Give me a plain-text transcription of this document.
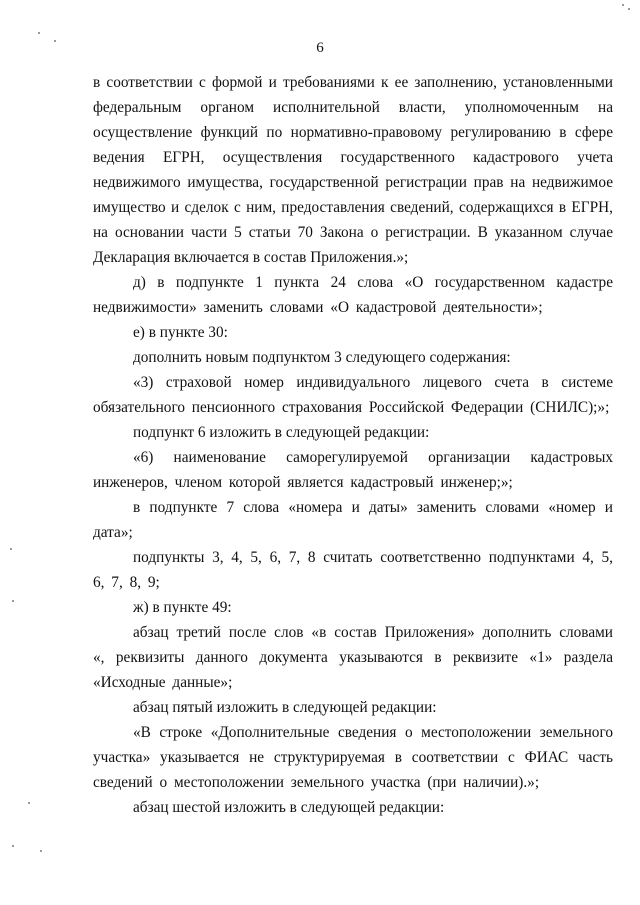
6

в соответствии с формой и требованиями к ее заполнению, установленными федеральным органом исполнительной власти, уполномоченным на осуществление функций по нормативно-правовому регулированию в сфере ведения ЕГРН, осуществления государственного кадастрового учета недвижимого имущества, государственной регистрации прав на недвижимое имущество и сделок с ним, предоставления сведений, содержащихся в ЕГРН, на основании части 5 статьи 70 Закона о регистрации. В указанном случае Декларация включается в состав Приложения.»;

д) в подпункте 1 пункта 24 слова «О государственном кадастре недвижимости» заменить словами «О кадастровой деятельности»;

е) в пункте 30:

дополнить новым подпунктом 3 следующего содержания:

«3) страховой номер индивидуального лицевого счета в системе обязательного пенсионного страхования Российской Федерации (СНИЛС);»;

подпункт 6 изложить в следующей редакции:

«6) наименование саморегулируемой организации кадастровых инженеров, членом которой является кадастровый инженер;»;

в подпункте 7 слова «номера и даты» заменить словами «номер и дата»;

подпункты 3, 4, 5, 6, 7, 8 считать соответственно подпунктами 4, 5, 6, 7, 8, 9;

ж) в пункте 49:

абзац третий после слов «в состав Приложения» дополнить словами «, реквизиты данного документа указываются в реквизите «1» раздела «Исходные данные»;

абзац пятый изложить в следующей редакции:

«В строке «Дополнительные сведения о местоположении земельного участка» указывается не структурируемая в соответствии с ФИАС часть сведений о местоположении земельного участка (при наличии).»;

абзац шестой изложить в следующей редакции:
